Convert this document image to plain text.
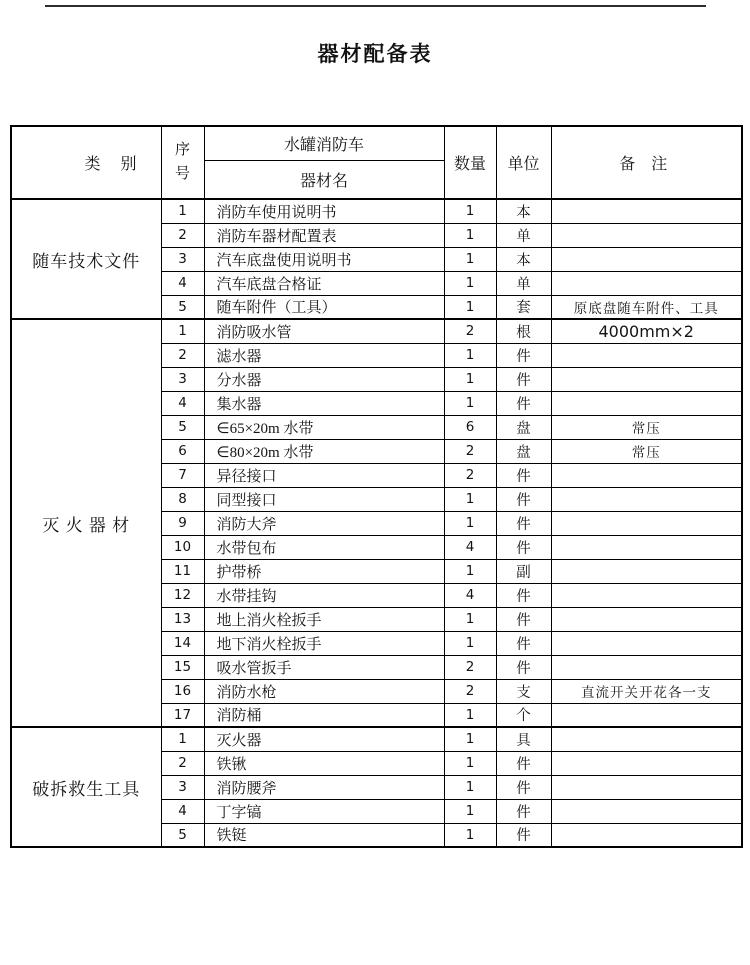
器材配备表
类 别	序号	水罐消防车	数量	单位	备 注
		器材名			
随车技术文件	1	消防车使用说明书	1	本	
	2	消防车器材配置表	1	单	
	3	汽车底盘使用说明书	1	本	
	4	汽车底盘合格证	1	单	
	5	随车附件（工具）	1	套	原底盘随车附件、工具
灭 火 器 材	1	消防吸水管	2	根	4000mm×2
	2	滤水器	1	件	
	3	分水器	1	件	
	4	集水器	1	件	
	5	∈65×20m 水带	6	盘	常压
	6	∈80×20m 水带	2	盘	常压
	7	异径接口	2	件	
	8	同型接口	1	件	
	9	消防大斧	1	件	
	10	水带包布	4	件	
	11	护带桥	1	副	
	12	水带挂钩	4	件	
	13	地上消火栓扳手	1	件	
	14	地下消火栓扳手	1	件	
	15	吸水管扳手	2	件	
	16	消防水枪	2	支	直流开关开花各一支
	17	消防桶	1	个	
破拆救生工具	1	灭火器	1	具	
	2	铁锹	1	件	
	3	消防腰斧	1	件	
	4	丁字镐	1	件	
	5	铁铤	1	件	
